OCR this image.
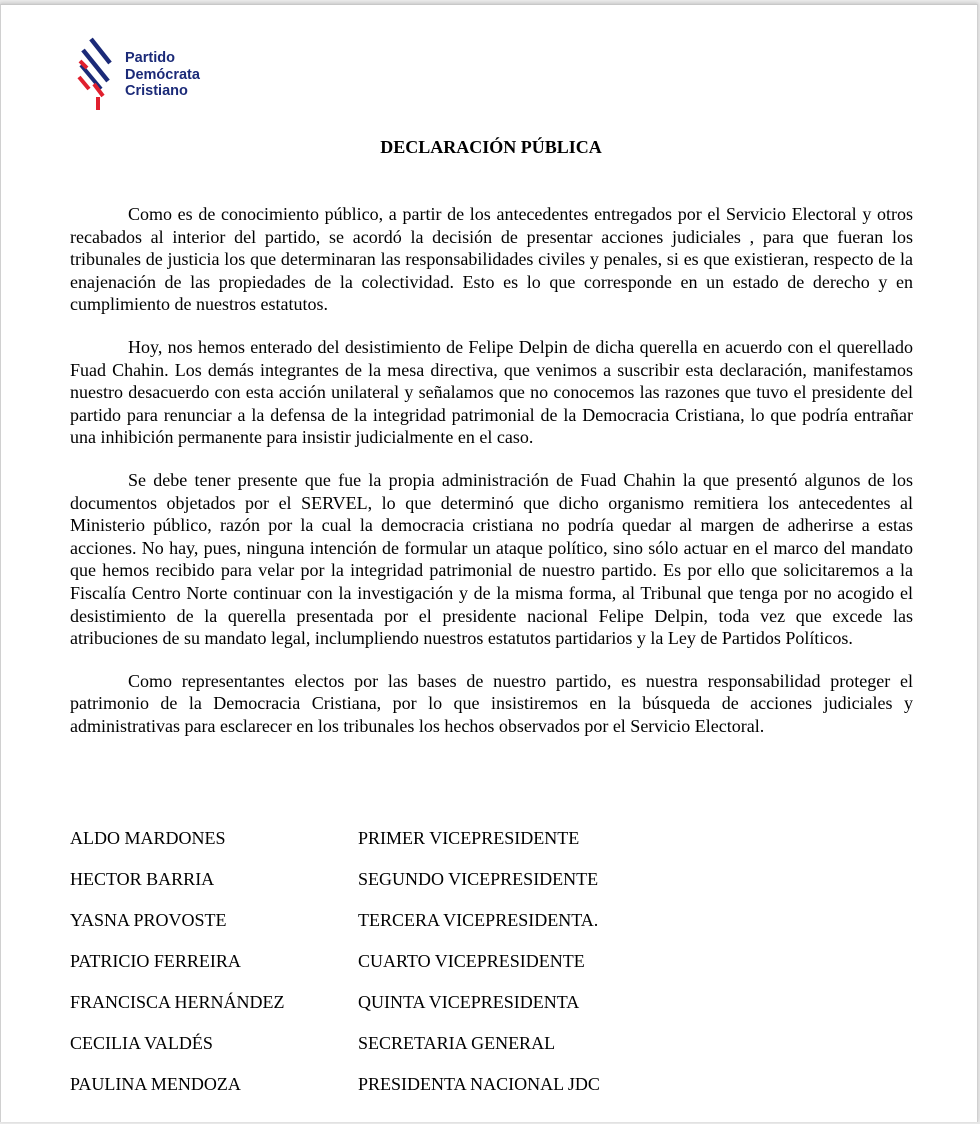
Partido
Demócrata
Cristiano
DECLARACIÓN PÚBLICA

Como es de conocimiento público, a partir de los antecedentes entregados por el Servicio Electoral y otros recabados al interior del partido, se acordó la decisión de presentar acciones judiciales , para que fueran los tribunales de justicia los que determinaran las responsabilidades civiles y penales, si es que existieran, respecto de la enajenación de las propiedades de la colectividad. Esto es lo que corresponde en un estado de derecho y en cumplimiento de nuestros estatutos.

Hoy, nos hemos enterado del desistimiento de Felipe Delpin de dicha querella en acuerdo con el querellado Fuad Chahin. Los demás integrantes de la mesa directiva, que venimos a suscribir esta declaración, manifestamos nuestro desacuerdo con esta acción unilateral y señalamos que no conocemos las razones que tuvo el presidente del partido para renunciar a la defensa de la integridad patrimonial de la Democracia Cristiana, lo que podría entrañar una inhibición permanente para insistir judicialmente en el caso.

Se debe tener presente que fue la propia administración de Fuad Chahin la que presentó algunos de los documentos objetados por el SERVEL, lo que determinó que dicho organismo remitiera los antecedentes al Ministerio público, razón por la cual la democracia cristiana no podría quedar al margen de adherirse a estas acciones. No hay, pues, ninguna intención de formular un ataque político, sino sólo actuar en el marco del mandato que hemos recibido para velar por la integridad patrimonial de nuestro partido. Es por ello que solicitaremos a la Fiscalía Centro Norte continuar con la investigación y de la misma forma, al Tribunal que tenga por no acogido el desistimiento de la querella presentada por el presidente nacional Felipe Delpin, toda vez que excede las atribuciones de su mandato legal, inclumpliendo nuestros estatutos partidarios y la Ley de Partidos Políticos.

Como representantes electos por las bases de nuestro partido, es nuestra responsabilidad proteger el patrimonio de la Democracia Cristiana, por lo que insistiremos en la búsqueda de acciones judiciales y administrativas para esclarecer en los tribunales los hechos observados por el Servicio Electoral.

ALDO MARDONES	PRIMER VICEPRESIDENTE
HECTOR BARRIA	SEGUNDO VICEPRESIDENTE
YASNA PROVOSTE	TERCERA VICEPRESIDENTA.
PATRICIO FERREIRA	CUARTO VICEPRESIDENTE
FRANCISCA HERNÁNDEZ	QUINTA VICEPRESIDENTA
CECILIA VALDÉS	SECRETARIA GENERAL
PAULINA MENDOZA	PRESIDENTA NACIONAL JDC
